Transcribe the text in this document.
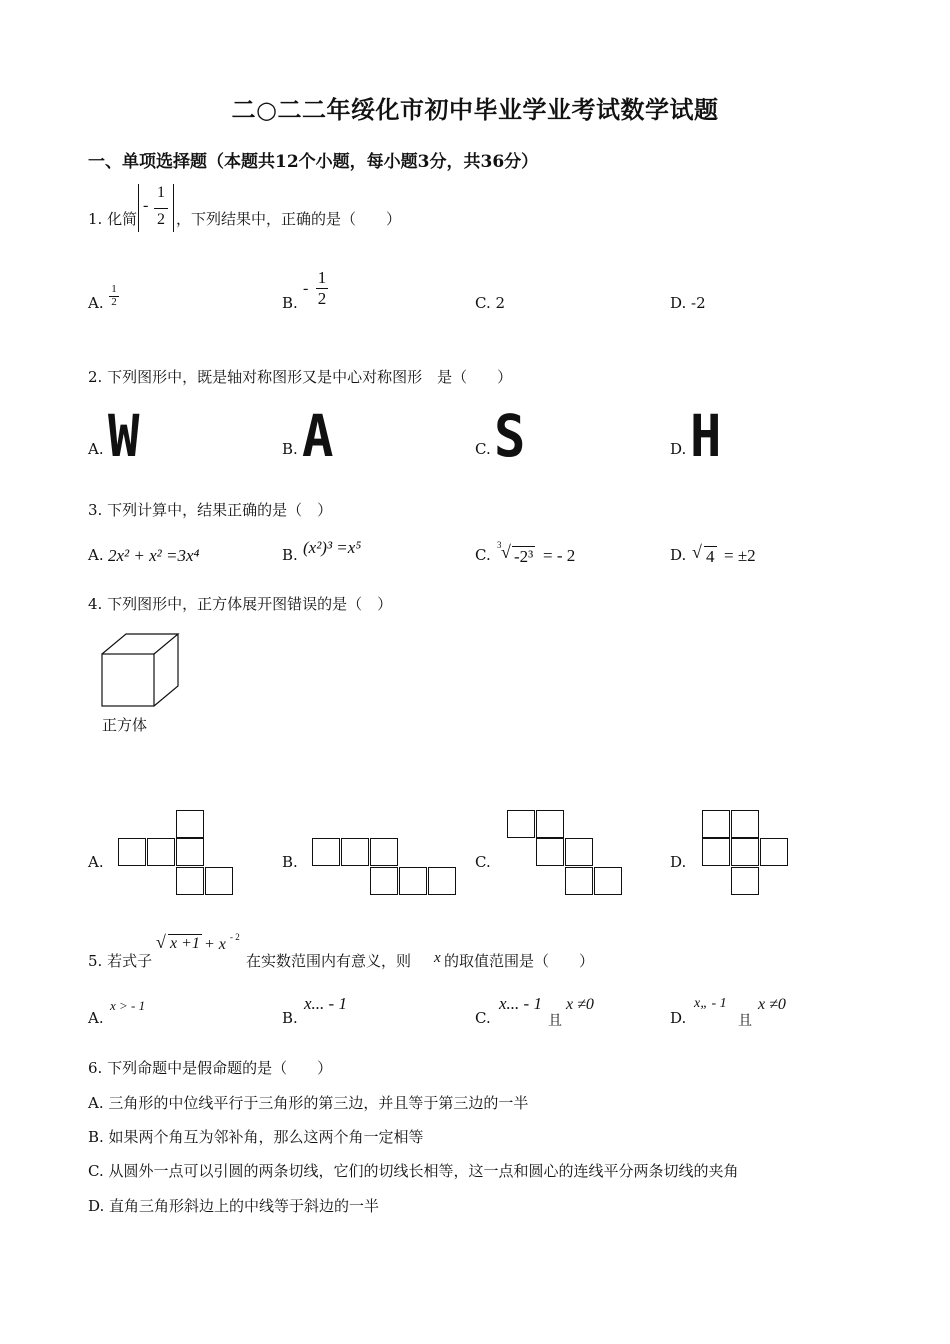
二○二二年绥化市初中毕业学业考试数学试题
一、单项选择题（本题共12个小题，每小题3分，共36分）
1. 化简
-
1
2 ，下列结果中，正确的是（　　）
A. $\frac{1}{2}$	B.
- $\frac{1}{2}$	C. 2	D. -2
2. 下列图形中，既是轴对称图形又是中心对称图形　是（　　）
A. W	B. A	C. S	D. H
3. 下列计算中，结果正确的是（　）
A. 2x² + x² =3x⁴	B. (x²)³ =x⁵	C.
3 √ -2³ = - 2	D. √ 4 = ±2
4. 下列图形中，正方体展开图错误的是（　）
正方体
A.	B.	C.	D.
5. 若式子
√ x +1 + x - 2
在实数范围内有意义，则 x 的取值范围是（　　）
A.
x > - 1
B.
x... - 1
C.
x... - 1
且
x ≠0
D.
x„ - 1
且
x ≠0
6. 下列命题中是假命题的是（　　）
A. 三角形的中位线平行于三角形的第三边，并且等于第三边的一半
B. 如果两个角互为邻补角，那么这两个角一定相等
C. 从圆外一点可以引圆的两条切线，它们的切线长相等，这一点和圆心的连线平分两条切线的夹角
D. 直角三角形斜边上的中线等于斜边的一半
